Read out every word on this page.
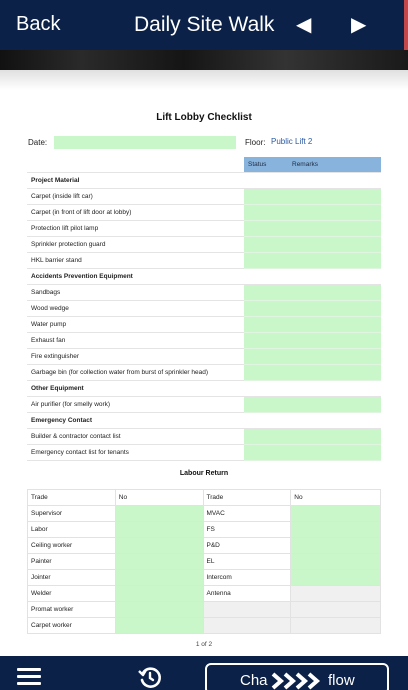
Back	Daily Site Walk ◀ ▶
Lift Lobby Checklist
Date:	Floor: Public Lift 2
	Status	Remarks
Project Material		
Carpet (inside lift car)		
Carpet (in front of lift door at lobby)		
Protection lift pilot lamp		
Sprinkler protection guard		
HKL barrier stand		
Accidents Prevention Equipment		
Sandbags		
Wood wedge		
Water pump		
Exhaust fan		
Fire extinguisher		
Garbage bin (for collection water from burst of sprinkler head)		
Other Equipment		
Air purifier (for smelly work)		
Emergency Contact		
Builder & contractor contact list		
Emergency contact list for tenants		
Labour Return
Trade	No	Trade	No
Supervisor		MVAC	
Labor		FS	
Ceiling worker		P&D	
Painter		EL	
Jointer		Intercom	
Welder		Antenna	
Promat worker			
Carpet worker			
1 of 2
Cha	flow
